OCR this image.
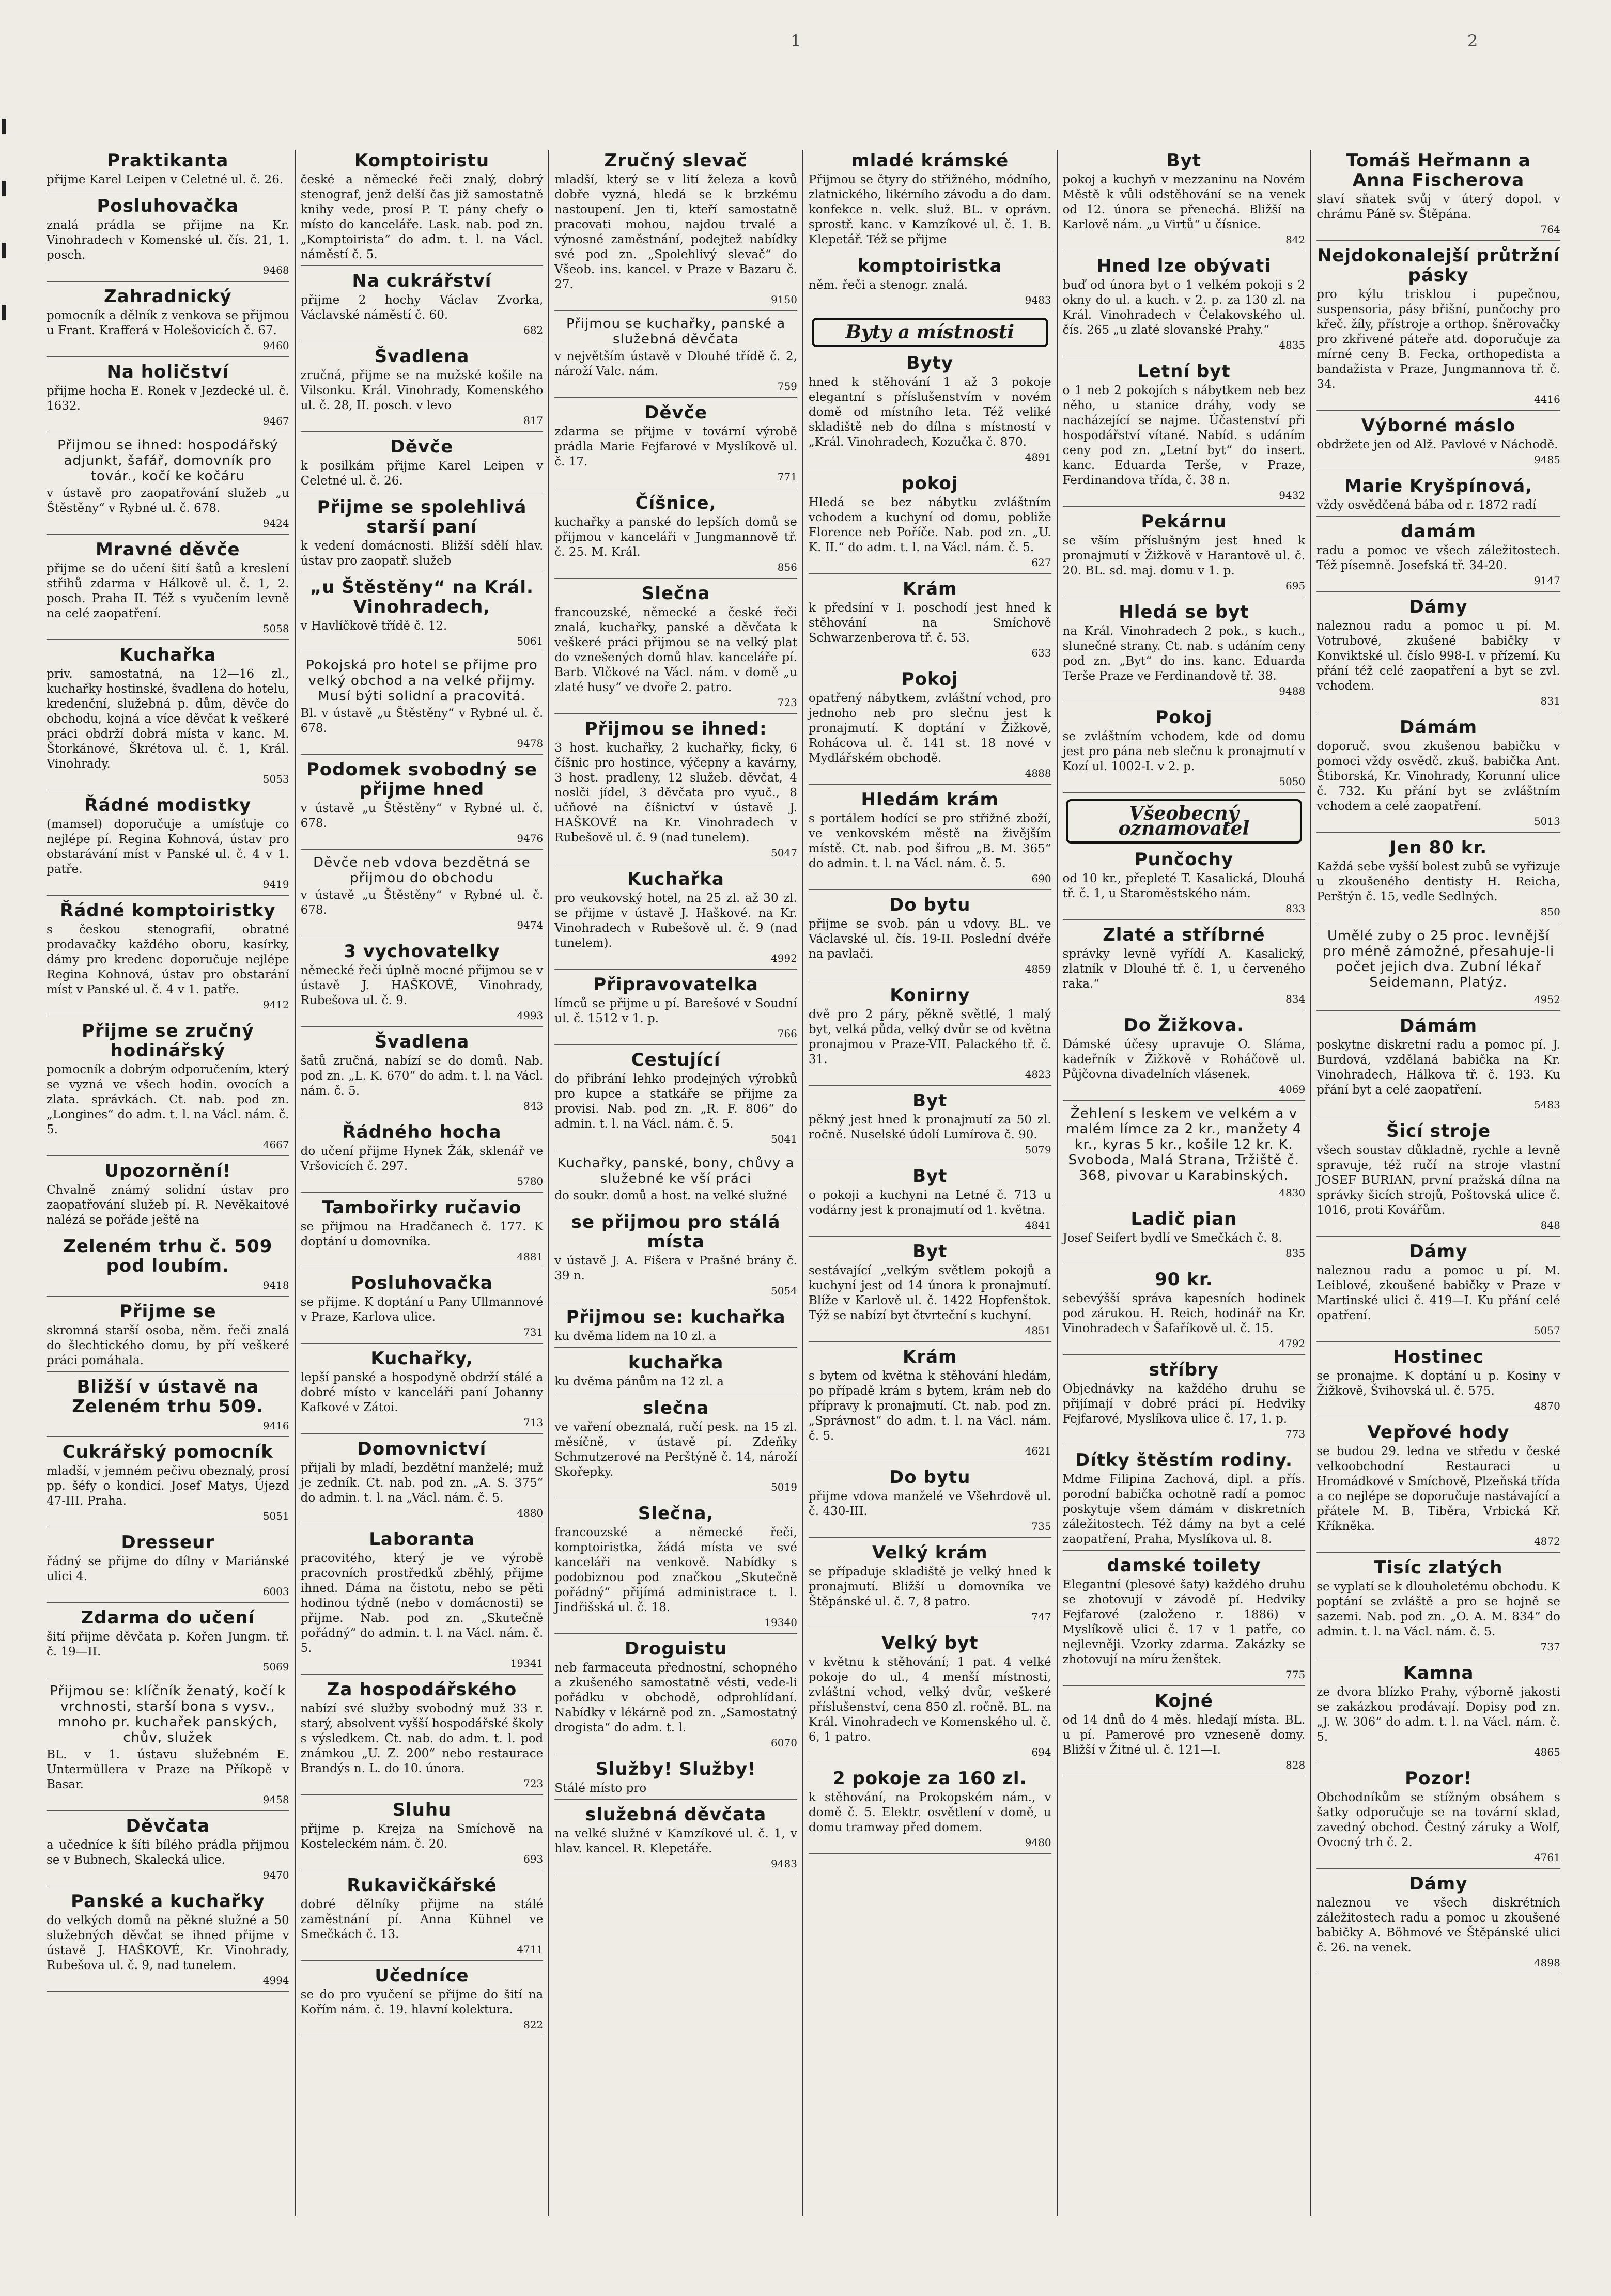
1	2
Praktikanta

přijme Karel Leipen v Celetné ul. č. 26.

Posluhovačka

znalá prádla se přijme na Kr. Vinohradech v Komenské ul. čís. 21, 1. posch.

9468
Zahradnický

pomocník a dělník z venkova se přijmou u Frant. Krafferá v Holešovicích č. 67.

9460
Na holičství

přijme hocha E. Ronek v Jezdecké ul. č. 1632.

9467
Přijmou se ihned: hospodářský adjunkt, šafář, domovník pro továr., kočí ke kočáru

v ústavě pro zaopatřování služeb „u Štěstěny“ v Rybné ul. č. 678.

9424
Mravné děvče

přijme se do učení šití šatů a kreslení střihů zdarma v Hálkově ul. č. 1, 2. posch. Praha II. Též s vyučením levně na celé zaopatření.

5058
Kuchařka

priv. samostatná, na 12—16 zl., kuchařky hostinské, švadlena do hotelu, kredenční, služebná p. dům, děvče do obchodu, kojná a více děvčat k veškeré práci obdrží dobrá místa v kanc. M. Štorkánové, Škrétova ul. č. 1, Král. Vinohrady.

5053
Řádné modistky

(mamsel) doporučuje a umísťuje co nejlépe pí. Regina Kohnová, ústav pro obstarávání míst v Panské ul. č. 4 v 1. patře.

9419
Řádné komptoiristky

s českou stenografií, obratné prodavačky každého oboru, kasírky, dámy pro kredenc doporučuje nejlépe Regina Kohnová, ústav pro obstarání míst v Panské ul. č. 4 v 1. patře.

9412
Přijme se zručný hodinářský

pomocník a dobrým odporučením, který se vyzná ve všech hodin. ovocích a zlata. správkách. Ct. nab. pod zn. „Longines“ do adm. t. l. na Václ. nám. č. 5.

4667
Upozornění!

Chvalně známý solidní ústav pro zaopatřování služeb pí. R. Nevěkaitové nalézá se pořáde ještě na

Zeleném trhu č. 509 pod loubím.
9418
Přijme se

skromná starší osoba, něm. řeči znalá do šlechtického domu, by pří veškeré práci pomáhala.

Bližší v ústavě na Zeleném trhu 509.
9416
Cukrářský pomocník

mladší, v jemném pečivu obeznalý, prosí pp. šéfy o kondicí. Josef Matys, Újezd 47-III. Praha.

5051
Dresseur

řádný se přijme do dílny v Mariánské ulici 4.

6003
Zdarma do učení

šití přijme děvčata p. Kořen Jungm. tř. č. 19—II.

5069
Přijmou se: klíčník ženatý, kočí k vrchnosti, starší bona s vysv., mnoho pr. kuchařek panských, chův, služek

BL. v 1. ústavu služebném E. Untermüllera v Praze na Příkopě v Basar.

9458
Děvčata

a učedníce k šíti bílého prádla přijmou se v Bubnech, Skalecká ulice.

9470
Panské a kuchařky

do velkých domů na pěkné služné a 50 služebných děvčat se ihned přijme v ústavě J. HAŠKOVÉ, Kr. Vinohrady, Rubešova ul. č. 9, nad tunelem.

4994
Komptoiristu

české a německé řeči znalý, dobrý stenograf, jenž delší čas již samostatně knihy vede, prosí P. T. pány chefy o místo do kanceláře. Lask. nab. pod zn. „Komptoirista“ do adm. t. l. na Václ. náměstí č. 5.

Na cukrářství

přijme 2 hochy Václav Zvorka, Václavské náměstí č. 60.

682
Švadlena

zručná, přijme se na mužské košile na Vilsonku. Král. Vinohrady, Komenského ul. č. 28, II. posch. v levo

817
Děvče

k posilkám přijme Karel Leipen v Celetné ul. č. 26.

Přijme se spolehlivá starší paní

k vedení domácnosti. Bližší sdělí hlav. ústav pro zaopatř. služeb

„u Štěstěny“ na Král. Vinohradech,

v Havlíčkově třídě č. 12.

5061
Pokojská pro hotel se přijme pro velký obchod a na velké přijmy. Musí býti solidní a pracovitá.

Bl. v ústavě „u Štěstěny“ v Rybné ul. č. 678.

9478
Podomek svobodný se přijme hned

v ústavě „u Štěstěny“ v Rybné ul. č. 678.

9476
Děvče neb vdova bezdětná se přijmou do obchodu

v ústavě „u Štěstěny“ v Rybné ul. č. 678.

9474
3 vychovatelky

německé řeči úplně mocné přijmou se v ústavě J. HAŠKOVÉ, Vinohrady, Rubešova ul. č. 9.

4993
Švadlena

šatů zručná, nabízí se do domů. Nab. pod zn. „L. K. 670“ do adm. t. l. na Václ. nám. č. 5.

843
Řádného hocha

do učení přijme Hynek Žák, sklenář ve Vršovicích č. 297.

5780
Tambořirky ručavio

se přijmou na Hradčanech č. 177. K doptání u domovníka.

4881
Posluhovačka

se přijme. K doptání u Pany Ullmannové v Praze, Karlova ulice.

731
Kuchařky,

lepší panské a hospodyně obdrží stálé a dobré místo v kanceláři paní Johanny Kafkové v Zátoi.

713
Domovnictví

přijali by mladí, bezdětní manželé; muž je zedník. Ct. nab. pod zn. „A. S. 375“ do admin. t. l. na „Václ. nám. č. 5.

4880
Laboranta

pracovitého, který je ve výrobě pracovních prostředků zběhlý, přijme ihned. Dáma na čistotu, nebo se pěti hodinou týdně (nebo v domácnosti) se přijme. Nab. pod zn. „Skutečně pořádný“ do admin. t. l. na Václ. nám. č. 5.

19341
Za hospodářského

nabízí své služby svobodný muž 33 r. starý, absolvent vyšší hospodářské školy s výsledkem. Ct. nab. do adm. t. l. pod známkou „U. Z. 200“ nebo restaurace Brandýs n. L. do 10. února.

723
Sluhu

přijme p. Krejza na Smíchově na Kosteleckém nám. č. 20.

693
Rukavičkářské

dobré dělníky přijme na stálé zaměstnání pí. Anna Kühnel ve Smečkách č. 13.

4711
Učedníce

se do pro vyučení se přijme do šití na Kořím nám. č. 19. hlavní kolektura.

822
Zručný slevač

mladší, který se v lití železa a kovů dobře vyzná, hledá se k brzkému nastoupení. Jen ti, kteří samostatně pracovati mohou, najdou trvalé a výnosné zaměstnání, podejtež nabídky své pod zn. „Spolehlivý slevač“ do Všeob. ins. kancel. v Praze v Bazaru č. 27.

9150
Přijmou se kuchařky, panské a služebná děvčata

v největším ústavě v Dlouhé třídě č. 2, nároží Valc. nám.

759
Děvče

zdarma se přijme v tovární výrobě prádla Marie Fejfarové v Myslíkově ul. č. 17.

771
Číšnice,

kuchařky a panské do lepších domů se přijmou v kanceláři v Jungmannově tř. č. 25. M. Král.

856
Slečna

francouzské, německé a české řeči znalá, kuchařky, panské a děvčata k veškeré práci přijmou se na velký plat do vznešených domů hlav. kanceláře pí. Barb. Vlčkové na Václ. nám. v domě „u zlaté husy“ ve dvoře 2. patro.

723
Přijmou se ihned:

3 host. kuchařky, 2 kuchařky, ficky, 6 číšnic pro hostince, výčepny a kavárny, 3 host. pradleny, 12 služeb. děvčat, 4 noslči jídel, 3 děvčata pro vyuč., 8 učňové na číšnictví v ústavě J. HAŠKOVÉ na Kr. Vinohradech v Rubešově ul. č. 9 (nad tunelem).

5047
Kuchařka

pro veukovský hotel, na 25 zl. až 30 zl. se přijme v ústavě J. Haškové. na Kr. Vinohradech v Rubešově ul. č. 9 (nad tunelem).

4992
Připravovatelka

límců se přijme u pí. Barešové v Soudní ul. č. 1512 v 1. p.

766
Cestující

do přibrání lehko prodejných výrobků pro kupce a statkáře se přijme za provisi. Nab. pod zn. „R. F. 806“ do admin. t. l. na Václ. nám. č. 5.

5041
Kuchařky, panské, bony, chůvy a služebné ke vší práci

do soukr. domů a host. na velké služné

se přijmou pro stálá místa

v ústavě J. A. Fišera v Prašné brány č. 39 n.

5054
Přijmou se: kuchařka

ku dvěma lidem na 10 zl. a

kuchařka

ku dvěma pánům na 12 zl. a

slečna

ve vaření obeznalá, ručí pesk. na 15 zl. měsíčně, v ústavě pí. Zdeňky Schmutzerové na Perštýně č. 14, nároží Skořepky.

5019
Slečna,

francouzské a německé řeči, komptoiristka, žádá místa ve své kanceláři na venkově. Nabídky s podobiznou pod značkou „Skutečně pořádný“ přijímá administrace t. l. Jindřišská ul. č. 18.

19340
Droguistu

neb farmaceuta přednostní, schopného a zkušeného samostatně vésti, vede-li pořádku v obchodě, odprohlídaní. Nabídky v lékárně pod zn. „Samostatný drogista“ do adm. t. l.

6070
Služby! Služby!

Stálé místo pro

služebná děvčata

na velké služné v Kamzíkové ul. č. 1, v hlav. kancel. R. Klepetáře.

9483
mladé krámské

Přijmou se čtyry do střižného, módního, zlatnického, likérního závodu a do dam. konfekce n. velk. služ. BL. v oprávn. sprostř. kanc. v Kamzíkové ul. č. 1. B. Klepetář. Též se přijme

komptoiristka

něm. řeči a stenogr. znalá.

9483
Byty a místnosti
Byty

hned k stěhování 1 až 3 pokoje elegantní s příslušenstvím v novém domě od místního leta. Též veliké skladiště neb do dílna s místností v „Král. Vinohradech, Kozučka č. 870.

4891
pokoj

Hledá se bez nábytku zvláštním vchodem a kuchyní od domu, pobliže Florence neb Poříče. Nab. pod zn. „U. K. II.“ do adm. t. l. na Václ. nám. č. 5.

627
Krám

k předsíní v I. poschodí jest hned k stěhování na Smíchově Schwarzenberova tř. č. 53.

633
Pokoj

opatřený nábytkem, zvláštní vchod, pro jednoho neb pro slečnu jest k pronajmutí. K doptání v Žižkově, Rohácova ul. č. 141 st. 18 nové v Mydlářském obchodě.

4888
Hledám krám

s portálem hodící se pro střižné zboží, ve venkovském městě na živějším místě. Ct. nab. pod šifrou „B. M. 365“ do admin. t. l. na Václ. nám. č. 5.

690
Do bytu

přijme se svob. pán u vdovy. BL. ve Václavské ul. čís. 19-II. Poslední dvéře na pavlači.

4859
Konirny

dvě pro 2 páry, pěkně světlé, 1 malý byt, velká půda, velký dvůr se od května pronajmou v Praze-VII. Palackého tř. č. 31.

4823
Byt

pěkný jest hned k pronajmutí za 50 zl. ročně. Nuselské údolí Lumírova č. 90.

5079
Byt

o pokoji a kuchyni na Letné č. 713 u vodárny jest k pronajmutí od 1. května.

4841
Byt

sestávající „velkým světlem pokojů a kuchyní jest od 14 února k pronajmutí. Blíže v Karlově ul. č. 1422 Hopfenštok. Týž se nabízí byt čtvrteční s kuchyní.

4851
Krám

s bytem od května k stěhování hledám, po případě krám s bytem, krám neb do přípravy k pronajmutí. Ct. nab. pod zn. „Správnost“ do adm. t. l. na Václ. nám. č. 5.

4621
Do bytu

přijme vdova manželé ve Všehrdově ul. č. 430-III.

735
Velký krám

se případuje skladiště je velký hned k pronajmutí. Bližší u domovníka ve Štěpánské ul. č. 7, 8 patro.

747
Velký byt

v květnu k stěhování; 1 pat. 4 velké pokoje do ul., 4 menší místnosti, zvláštní vchod, velký dvůr, veškeré příslušenství, cena 850 zl. ročně. BL. na Král. Vinohradech ve Komenského ul. č. 6, 1 patro.

694
2 pokoje za 160 zl.

k stěhování, na Prokopském nám., v domě č. 5. Elektr. osvětlení v domě, u domu tramway před domem.

9480
Byt

pokoj a kuchyň v mezzaninu na Novém Městě k vůli odstěhování se na venek od 12. února se přenechá. Bližší na Karlově nám. „u Virtů“ u čísnice.

842
Hned lze obývati

buď od února byt o 1 velkém pokoji s 2 okny do ul. a kuch. v 2. p. za 130 zl. na Král. Vinohradech v Čelakovského ul. čís. 265 „u zlaté slovanské Prahy.“

4835
Letní byt

o 1 neb 2 pokojích s nábytkem neb bez něho, u stanice dráhy, vody se nacházející se najme. Účastenství při hospodářství vítané. Nabíd. s udáním ceny pod zn. „Letní byt“ do insert. kanc. Eduarda Terše, v Praze, Ferdinandova třída, č. 38 n.

9432
Pekárnu

se vším příslušným jest hned k pronajmutí v Žižkově v Harantově ul. č. 20. BL. sd. maj. domu v 1. p.

695
Hledá se byt

na Král. Vinohradech 2 pok., s kuch., slunečné strany. Ct. nab. s udáním ceny pod zn. „Byt“ do ins. kanc. Eduarda Terše Praze ve Ferdinandově tř. 38.

9488
Pokoj

se zvláštním vchodem, kde od domu jest pro pána neb slečnu k pronajmutí v Kozí ul. 1002-I. v 2. p.

5050
Všeobecný oznamovatel
Punčochy

od 10 kr., přepleté T. Kasalická, Dlouhá tř. č. 1, u Staroměstského nám.

833
Zlaté a stříbrné

správky levně vyřídí A. Kasalický, zlatník v Dlouhé tř. č. 1, u červeného raka.“

834
Do Žižkova.

Dámské účesy upravuje O. Sláma, kadeřník v Žižkově v Roháčově ul. Půjčovna divadelních vlásenek.

4069
Žehlení s leskem ve velkém a v malém límce za 2 kr., manžety 4 kr., kyras 5 kr., košile 12 kr. K. Svoboda, Malá Strana, Tržiště č. 368, pivovar u Karabinských.
4830
Ladič pian

Josef Seifert bydlí ve Smečkách č. 8.

835
90 kr.

sebevýšší správa kapesních hodinek pod zárukou. H. Reich, hodinář na Kr. Vinohradech v Šafaříkově ul. č. 15.

4792
stříbry

Objednávky na každého druhu se přijímají v dobré práci pí. Hedviky Fejfarové, Myslíkova ulice č. 17, 1. p.

773
Dítky štěstím rodiny.

Mdme Filipina Zachová, dipl. a přís. porodní babička ochotně radí a pomoc poskytuje všem dámám v diskretních záležitostech. Též dámy na byt a celé zaopatření, Praha, Myslíkova ul. 8.

damské toilety

Elegantní (plesové šaty) každého druhu se zhotovují v závodě pí. Hedviky Fejfarové (založeno r. 1886) v Myslíkově ulici č. 17 v 1 patře, co nejlevněji. Vzorky zdarma. Zakázky se zhotovují na míru ženštek.

775
Kojné

od 14 dnů do 4 měs. hledají místa. BL. u pí. Pamerové pro vzneseně domy. Bližší v Žitné ul. č. 121—I.

828
Tomáš Heřmann a Anna Fischerova

slaví sňatek svůj v úterý dopol. v chrámu Páně sv. Štěpána.

764
Nejdokonalejší průtržní pásky

pro kýlu trisklou i pupečnou, suspensoria, pásy břišní, punčochy pro křeč. žíly, přístroje a orthop. šněrovačky pro zkřivené páteře atd. doporučuje za mírné ceny B. Fecka, orthopedista a bandažista v Praze, Jungmannova tř. č. 34.

4416
Výborné máslo

obdržete jen od Alž. Pavlové v Náchodě.

9485
Marie Kryšpínová,

vždy osvědčená bába od r. 1872 radí

damám

radu a pomoc ve všech záležitostech. Též písemně. Josefská tř. 34-20.

9147
Dámy

naleznou radu a pomoc u pí. M. Votrubové, zkušené babičky v Konviktské ul. číslo 998-I. v přízemí. Ku přání též celé zaopatření a byt se zvl. vchodem.

831
Dámám

doporuč. svou zkušenou babičku v pomoci vždy osvědč. zkuš. babička Ant. Štiborská, Kr. Vinohrady, Korunní ulice č. 732. Ku přání byt se zvláštním vchodem a celé zaopatření.

5013
Jen 80 kr.

Každá sebe vyšší bolest zubů se vyřizuje u zkoušeného dentisty H. Reicha, Perštýn č. 15, vedle Sedlných.

850
Umělé zuby o 25 proc. levnější pro méně zámožné, přesahuje-li počet jejich dva. Zubní lékař Seidemann, Platýz.
4952
Dámám

poskytne diskretní radu a pomoc pí. J. Burdová, vzdělaná babička na Kr. Vinohradech, Hálkova tř. č. 193. Ku přání byt a celé zaopatření.

5483
Šicí stroje

všech soustav důkladně, rychle a levně spravuje, též ručí na stroje vlastní JOSEF BURIAN, první pražská dílna na správky šicích strojů, Poštovská ulice č. 1016, proti Kovářům.

848
Dámy

naleznou radu a pomoc u pí. M. Leiblové, zkoušené babičky v Praze v Martinské ulici č. 419—I. Ku přání celé opatření.

5057
Hostinec

se pronajme. K doptání u p. Kosiny v Žižkově, Švihovská ul. č. 575.

4870
Vepřové hody

se budou 29. ledna ve středu v české velkoobchodní Restauraci u Hromádkové v Smíchově, Plzeňská třída a co nejlépe se doporučuje nastávající a přátele M. B. Tiběra, Vrbická Kř. Kříkněka.

4872
Tisíc zlatých

se vyplatí se k dlouholetému obchodu. K poptání se zvláště a pro se hojně se sazemi. Nab. pod zn. „O. A. M. 834“ do admin. t. l. na Václ. nám. č. 5.

737
Kamna

ze dvora blízko Prahy, výborně jakosti se zakázkou prodávají. Dopisy pod zn. „J. W. 306“ do adm. t. l. na Václ. nám. č. 5.

4865
Pozor!

Obchodníkům se stížným obsáhem s šatky odporučuje se na tovární sklad, zavedný obchod. Čestný záruky a Wolf, Ovocný trh č. 2.

4761
Dámy

naleznou ve všech diskrétních záležitostech radu a pomoc u zkoušené babičky A. Böhmové ve Štěpánské ulici č. 26. na venek.

4898
